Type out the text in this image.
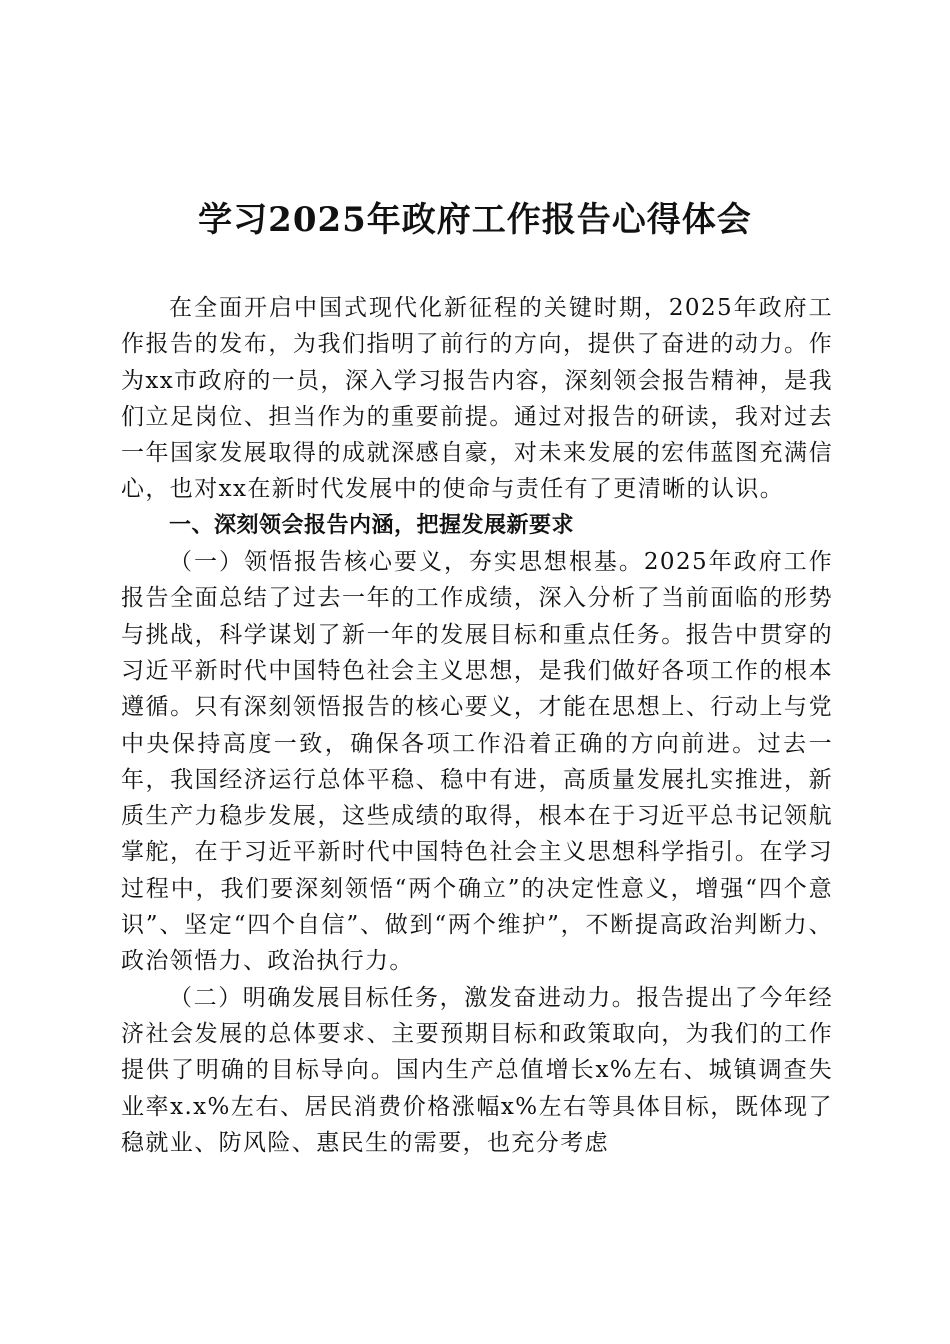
学习2025年政府工作报告心得体会

在全面开启中国式现代化新征程的关键时期，2025年政府工作报告的发布，为我们指明了前行的方向，提供了奋进的动力。作为xx市政府的一员，深入学习报告内容，深刻领会报告精神，是我们立足岗位、担当作为的重要前提。通过对报告的研读，我对过去一年国家发展取得的成就深感自豪，对未来发展的宏伟蓝图充满信心，也对xx在新时代发展中的使命与责任有了更清晰的认识。

一、深刻领会报告内涵，把握发展新要求

（一）领悟报告核心要义，夯实思想根基。2025年政府工作报告全面总结了过去一年的工作成绩，深入分析了当前面临的形势与挑战，科学谋划了新一年的发展目标和重点任务。报告中贯穿的习近平新时代中国特色社会主义思想，是我们做好各项工作的根本遵循。只有深刻领悟报告的核心要义，才能在思想上、行动上与党中央保持高度一致，确保各项工作沿着正确的方向前进。过去一年，我国经济运行总体平稳、稳中有进，高质量发展扎实推进，新质生产力稳步发展，这些成绩的取得，根本在于习近平总书记领航掌舵，在于习近平新时代中国特色社会主义思想科学指引。在学习过程中，我们要深刻领悟“两个确立”的决定性意义，增强“四个意识”、坚定“四个自信”、做到“两个维护”，不断提高政治判断力、政治领悟力、政治执行力。

（二）明确发展目标任务，激发奋进动力。报告提出了今年经济社会发展的总体要求、主要预期目标和政策取向，为我们的工作提供了明确的目标导向。国内生产总值增长x%左右、城镇调查失业率x.x%左右、居民消费价格涨幅x%左右等具体目标，既体现了稳就业、防风险、惠民生的需要，也充分考虑
